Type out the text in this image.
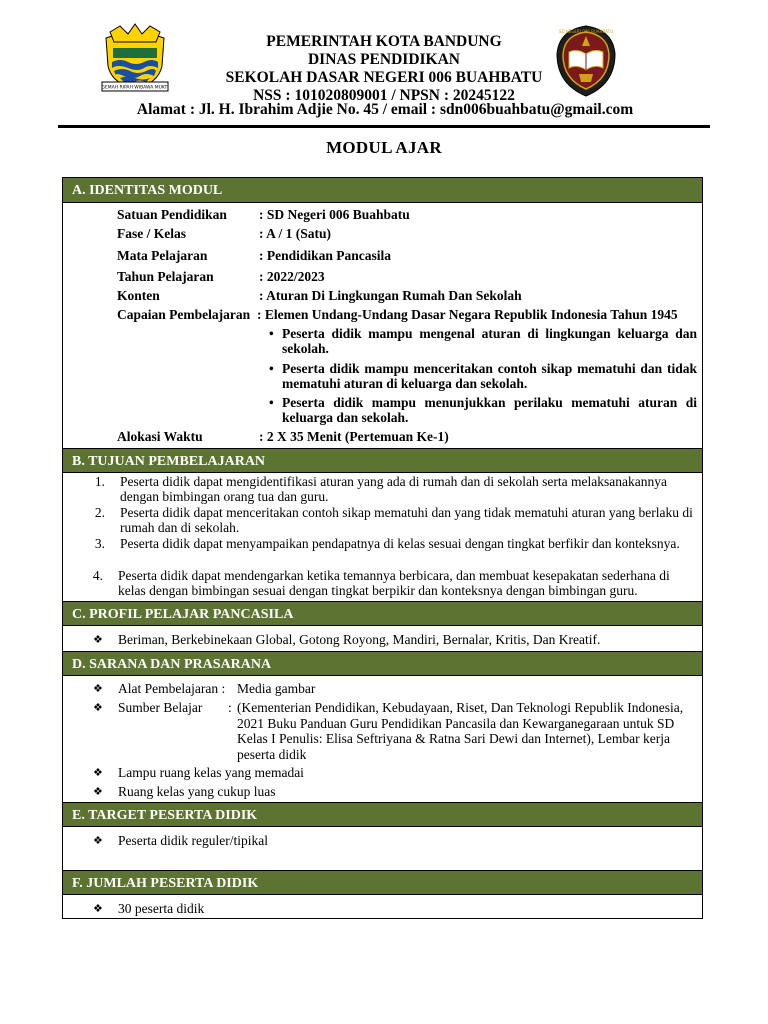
GEMAH RIPAH WIBAWA MUKTI
PEMERINTAH KOTA BANDUNG
DINAS PENDIDIKAN
SEKOLAH DASAR NEGERI 006 BUAHBATU
NSS : 101020809001 / NPSN : 20245122
SD NEGERI 006 BUAHBATU
Alamat : Jl. H. Ibrahim Adjie No. 45 / email : sdn006buahbatu@gmail.com
MODUL AJAR
A. IDENTITAS MODUL
Satuan Pendidikan : SD Negeri 006 Buahbatu
Fase / Kelas	: A / 1 (Satu)
Mata Pelajaran	: Pendidikan Pancasila
Tahun Pelajaran	: 2022/2023
Konten	: Aturan Di Lingkungan Rumah Dan Sekolah
Capaian Pembelajaran : Elemen Undang-Undang Dasar Negara Republik Indonesia Tahun 1945
• Peserta didik mampu mengenal aturan di lingkungan keluarga dan sekolah.
• Peserta didik mampu menceritakan contoh sikap mematuhi dan tidak mematuhi aturan di keluarga dan sekolah.
• Peserta didik mampu menunjukkan perilaku mematuhi aturan di keluarga dan sekolah.
Alokasi Waktu	: 2 X 35 Menit (Pertemuan Ke-1)
B. TUJUAN PEMBELAJARAN
1. Peserta didik dapat mengidentifikasi aturan yang ada di rumah dan di sekolah serta melaksanakannya dengan bimbingan orang tua dan guru.
2. Peserta didik dapat menceritakan contoh sikap mematuhi dan yang tidak mematuhi aturan yang berlaku di rumah dan di sekolah.
3. Peserta didik dapat menyampaikan pendapatnya di kelas sesuai dengan tingkat berfikir dan konteksnya.
4. Peserta didik dapat mendengarkan ketika temannya berbicara, dan membuat kesepakatan sederhana di kelas dengan bimbingan sesuai dengan tingkat berpikir dan konteksnya dengan bimbingan guru.
C. PROFIL PELAJAR PANCASILA
❖ Beriman, Berkebinekaan Global, Gotong Royong, Mandiri, Bernalar, Kritis, Dan Kreatif.
D. SARANA DAN PRASARANA
❖ Alat Pembelajaran : Media gambar
❖ Sumber Belajar : (Kementerian Pendidikan, Kebudayaan, Riset, Dan Teknologi Republik Indonesia, 2021 Buku Panduan Guru Pendidikan Pancasila dan Kewarganegaraan untuk SD Kelas I Penulis: Elisa Seftriyana & Ratna Sari Dewi dan Internet), Lembar kerja peserta didik
❖ Lampu ruang kelas yang memadai
❖ Ruang kelas yang cukup luas
E. TARGET PESERTA DIDIK
❖ Peserta didik reguler/tipikal
F. JUMLAH PESERTA DIDIK
❖ 30 peserta didik
